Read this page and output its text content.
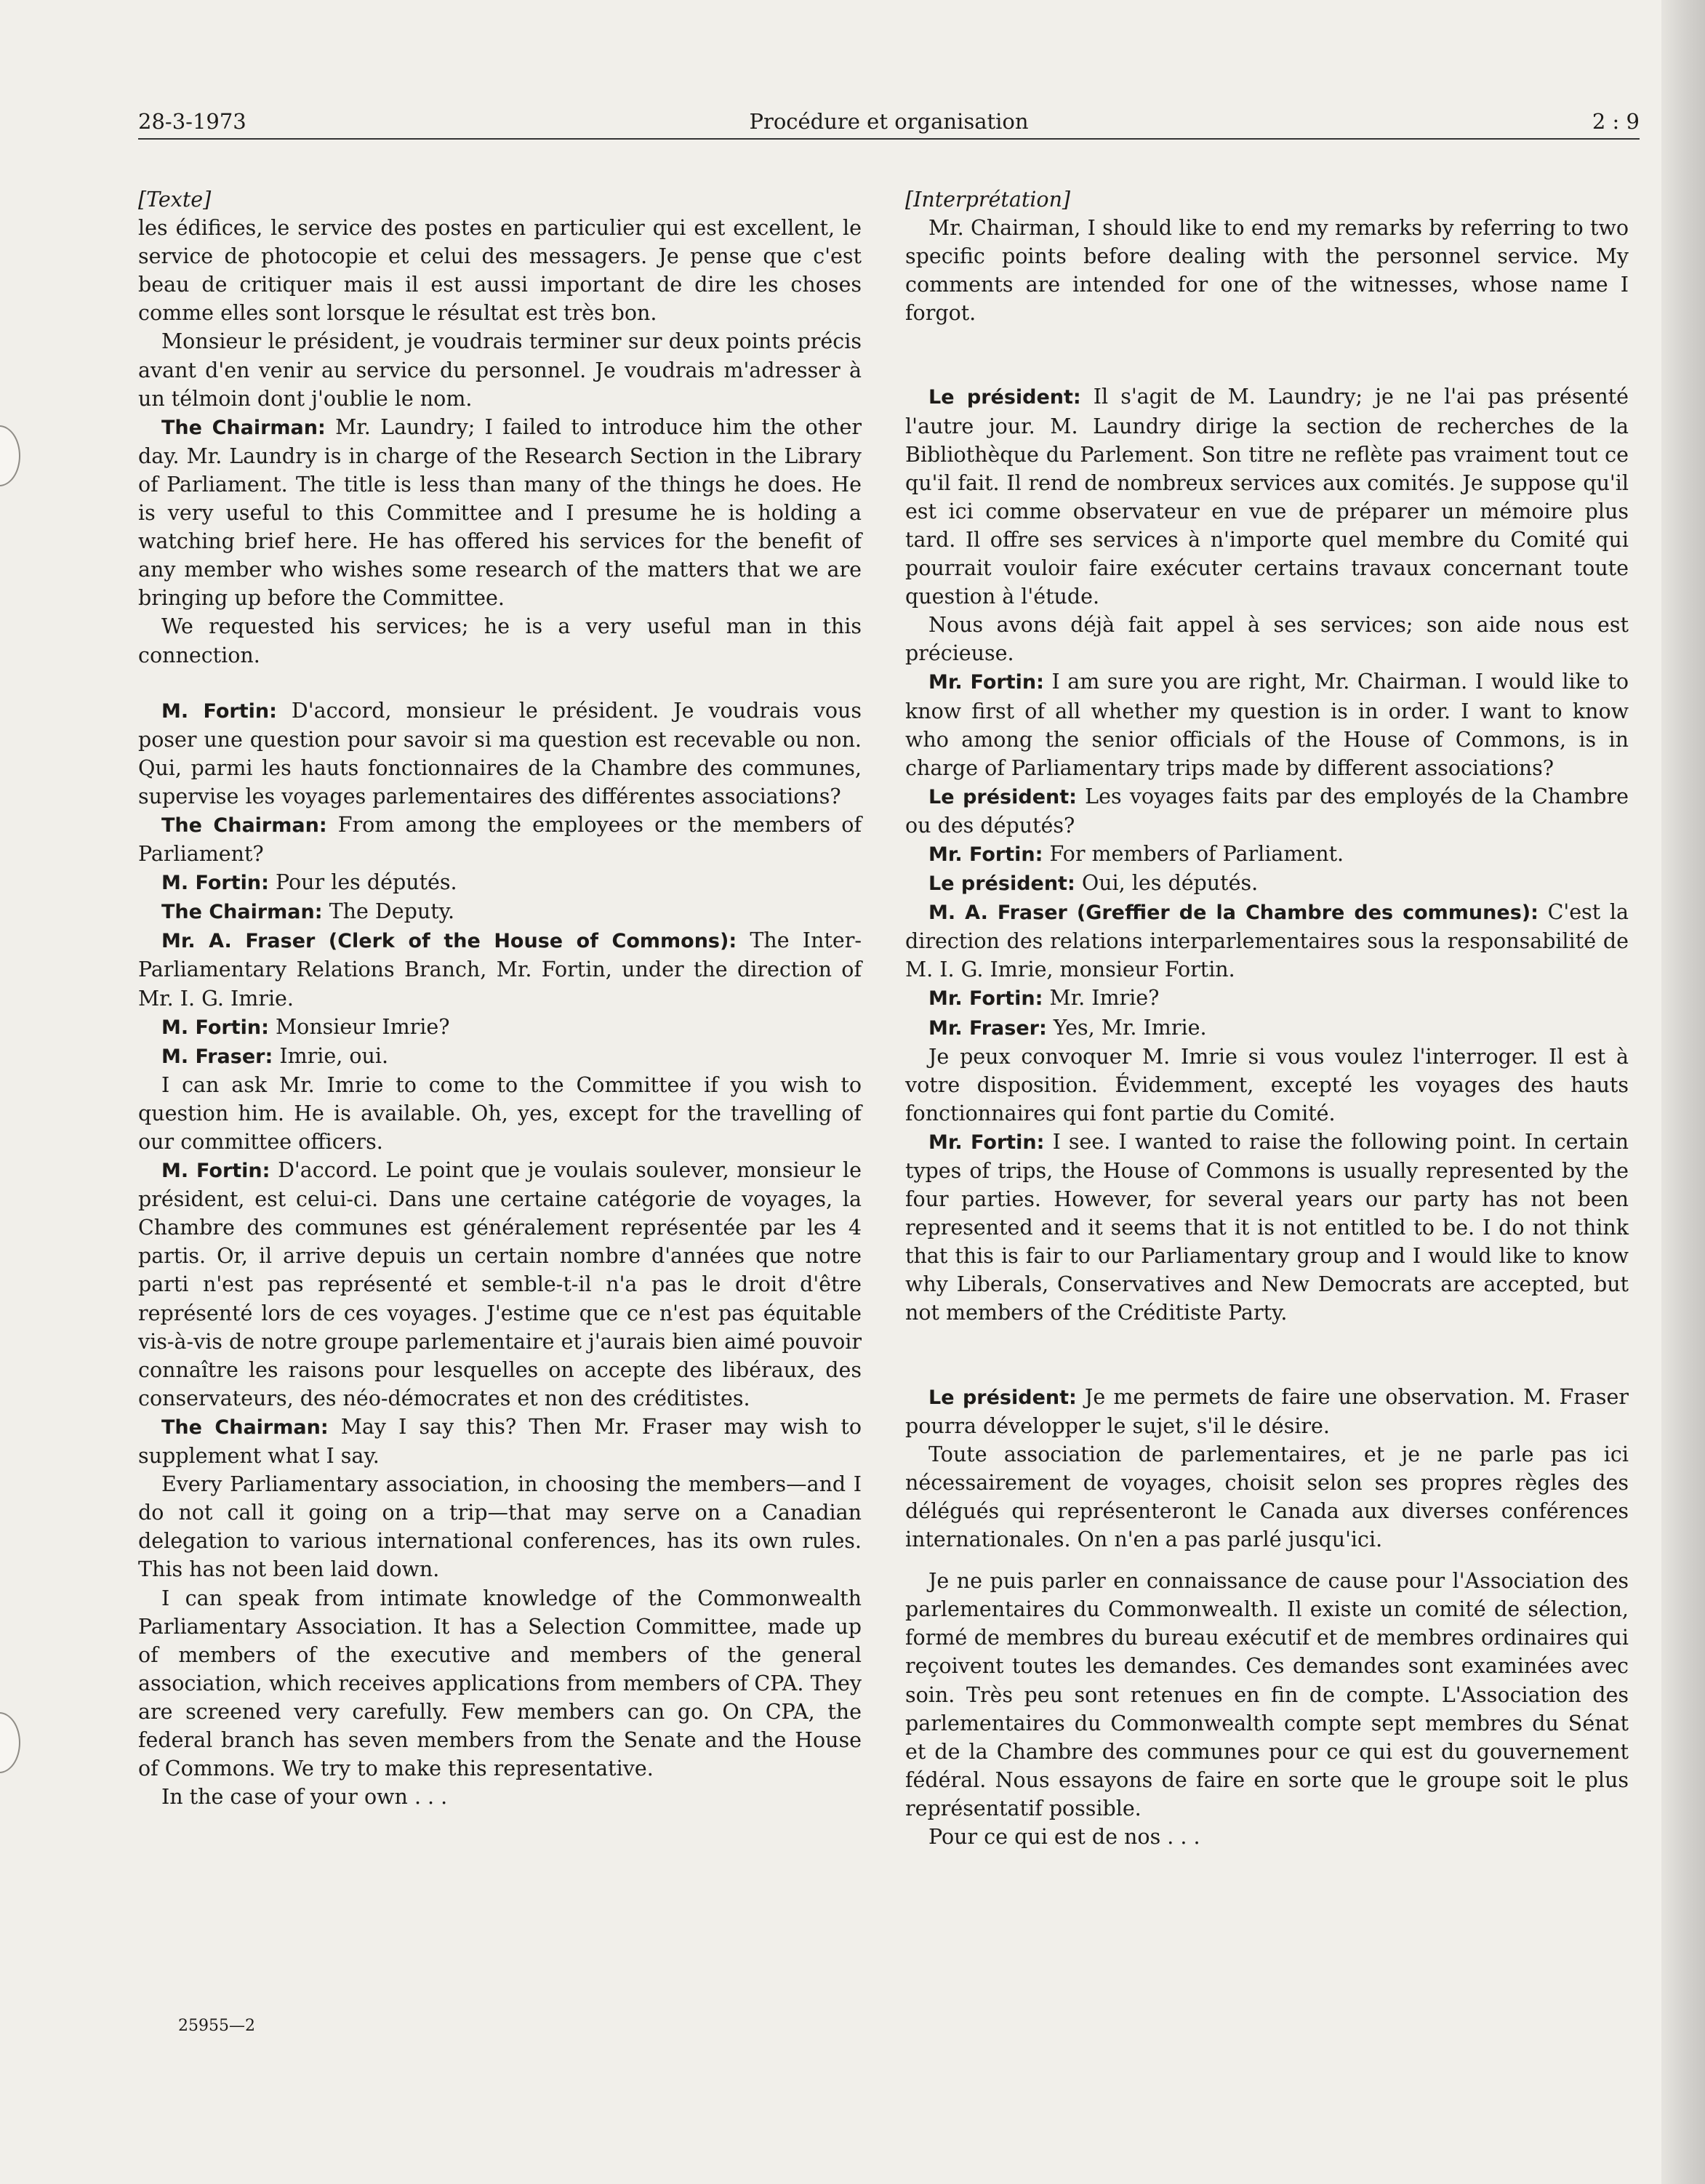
28-3-1973	Procédure et organisation	2 : 9

[Texte]

les édifices, le service des postes en particulier qui est excellent, le service de photocopie et celui des messagers. Je pense que c'est beau de critiquer mais il est aussi important de dire les choses comme elles sont lorsque le résultat est très bon.

Monsieur le président, je voudrais terminer sur deux points précis avant d'en venir au service du personnel. Je voudrais m'adresser à un télmoin dont j'oublie le nom.

The Chairman: Mr. Laundry; I failed to introduce him the other day. Mr. Laundry is in charge of the Research Section in the Library of Parliament. The title is less than many of the things he does. He is very useful to this Committee and I presume he is holding a watching brief here. He has offered his services for the benefit of any member who wishes some research of the matters that we are bringing up before the Committee.

We requested his services; he is a very useful man in this connection.

M. Fortin: D'accord, monsieur le président. Je voudrais vous poser une question pour savoir si ma question est recevable ou non. Qui, parmi les hauts fonctionnaires de la Chambre des communes, supervise les voyages parlementaires des différentes associations?

The Chairman: From among the employees or the members of Parliament?

M. Fortin: Pour les députés.

The Chairman: The Deputy.

Mr. A. Fraser (Clerk of the House of Commons): The Inter-Parliamentary Relations Branch, Mr. Fortin, under the direction of Mr. I. G. Imrie.

M. Fortin: Monsieur Imrie?

M. Fraser: Imrie, oui.

I can ask Mr. Imrie to come to the Committee if you wish to question him. He is available. Oh, yes, except for the travelling of our committee officers.

M. Fortin: D'accord. Le point que je voulais soulever, monsieur le président, est celui-ci. Dans une certaine catégorie de voyages, la Chambre des communes est généralement représentée par les 4 partis. Or, il arrive depuis un certain nombre d'années que notre parti n'est pas représenté et semble-t-il n'a pas le droit d'être représenté lors de ces voyages. J'estime que ce n'est pas équitable vis-à-vis de notre groupe parlementaire et j'aurais bien aimé pouvoir connaître les raisons pour lesquelles on accepte des libéraux, des conservateurs, des néo-démocrates et non des créditistes.

The Chairman: May I say this? Then Mr. Fraser may wish to supplement what I say.

Every Parliamentary association, in choosing the members—and I do not call it going on a trip—that may serve on a Canadian delegation to various international conferences, has its own rules. This has not been laid down.

I can speak from intimate knowledge of the Commonwealth Parliamentary Association. It has a Selection Committee, made up of members of the executive and members of the general association, which receives applications from members of CPA. They are screened very carefully. Few members can go. On CPA, the federal branch has seven members from the Senate and the House of Commons. We try to make this representative.

In the case of your own . . .

[Interprétation]

Mr. Chairman, I should like to end my remarks by referring to two specific points before dealing with the personnel service. My comments are intended for one of the witnesses, whose name I forgot.

Le président: Il s'agit de M. Laundry; je ne l'ai pas présenté l'autre jour. M. Laundry dirige la section de recherches de la Bibliothèque du Parlement. Son titre ne reflète pas vraiment tout ce qu'il fait. Il rend de nombreux services aux comités. Je suppose qu'il est ici comme observateur en vue de préparer un mémoire plus tard. Il offre ses services à n'importe quel membre du Comité qui pourrait vouloir faire exécuter certains travaux concernant toute question à l'étude.

Nous avons déjà fait appel à ses services; son aide nous est précieuse.

Mr. Fortin: I am sure you are right, Mr. Chairman. I would like to know first of all whether my question is in order. I want to know who among the senior officials of the House of Commons, is in charge of Parliamentary trips made by different associations?

Le président: Les voyages faits par des employés de la Chambre ou des députés?

Mr. Fortin: For members of Parliament.

Le président: Oui, les députés.

M. A. Fraser (Greffier de la Chambre des communes): C'est la direction des relations interparlementaires sous la responsabilité de M. I. G. Imrie, monsieur Fortin.

Mr. Fortin: Mr. Imrie?

Mr. Fraser: Yes, Mr. Imrie.

Je peux convoquer M. Imrie si vous voulez l'interroger. Il est à votre disposition. Évidemment, excepté les voyages des hauts fonctionnaires qui font partie du Comité.

Mr. Fortin: I see. I wanted to raise the following point. In certain types of trips, the House of Commons is usually represented by the four parties. However, for several years our party has not been represented and it seems that it is not entitled to be. I do not think that this is fair to our Parliamentary group and I would like to know why Liberals, Conservatives and New Democrats are accepted, but not members of the Créditiste Party.

Le président: Je me permets de faire une observation. M. Fraser pourra développer le sujet, s'il le désire.

Toute association de parlementaires, et je ne parle pas ici nécessairement de voyages, choisit selon ses propres règles des délégués qui représenteront le Canada aux diverses conférences internationales. On n'en a pas parlé jusqu'ici.

Je ne puis parler en connaissance de cause pour l'Association des parlementaires du Commonwealth. Il existe un comité de sélection, formé de membres du bureau exécutif et de membres ordinaires qui reçoivent toutes les demandes. Ces demandes sont examinées avec soin. Très peu sont retenues en fin de compte. L'Association des parlementaires du Commonwealth compte sept membres du Sénat et de la Chambre des communes pour ce qui est du gouvernement fédéral. Nous essayons de faire en sorte que le groupe soit le plus représentatif possible.

Pour ce qui est de nos . . .

25955—2
